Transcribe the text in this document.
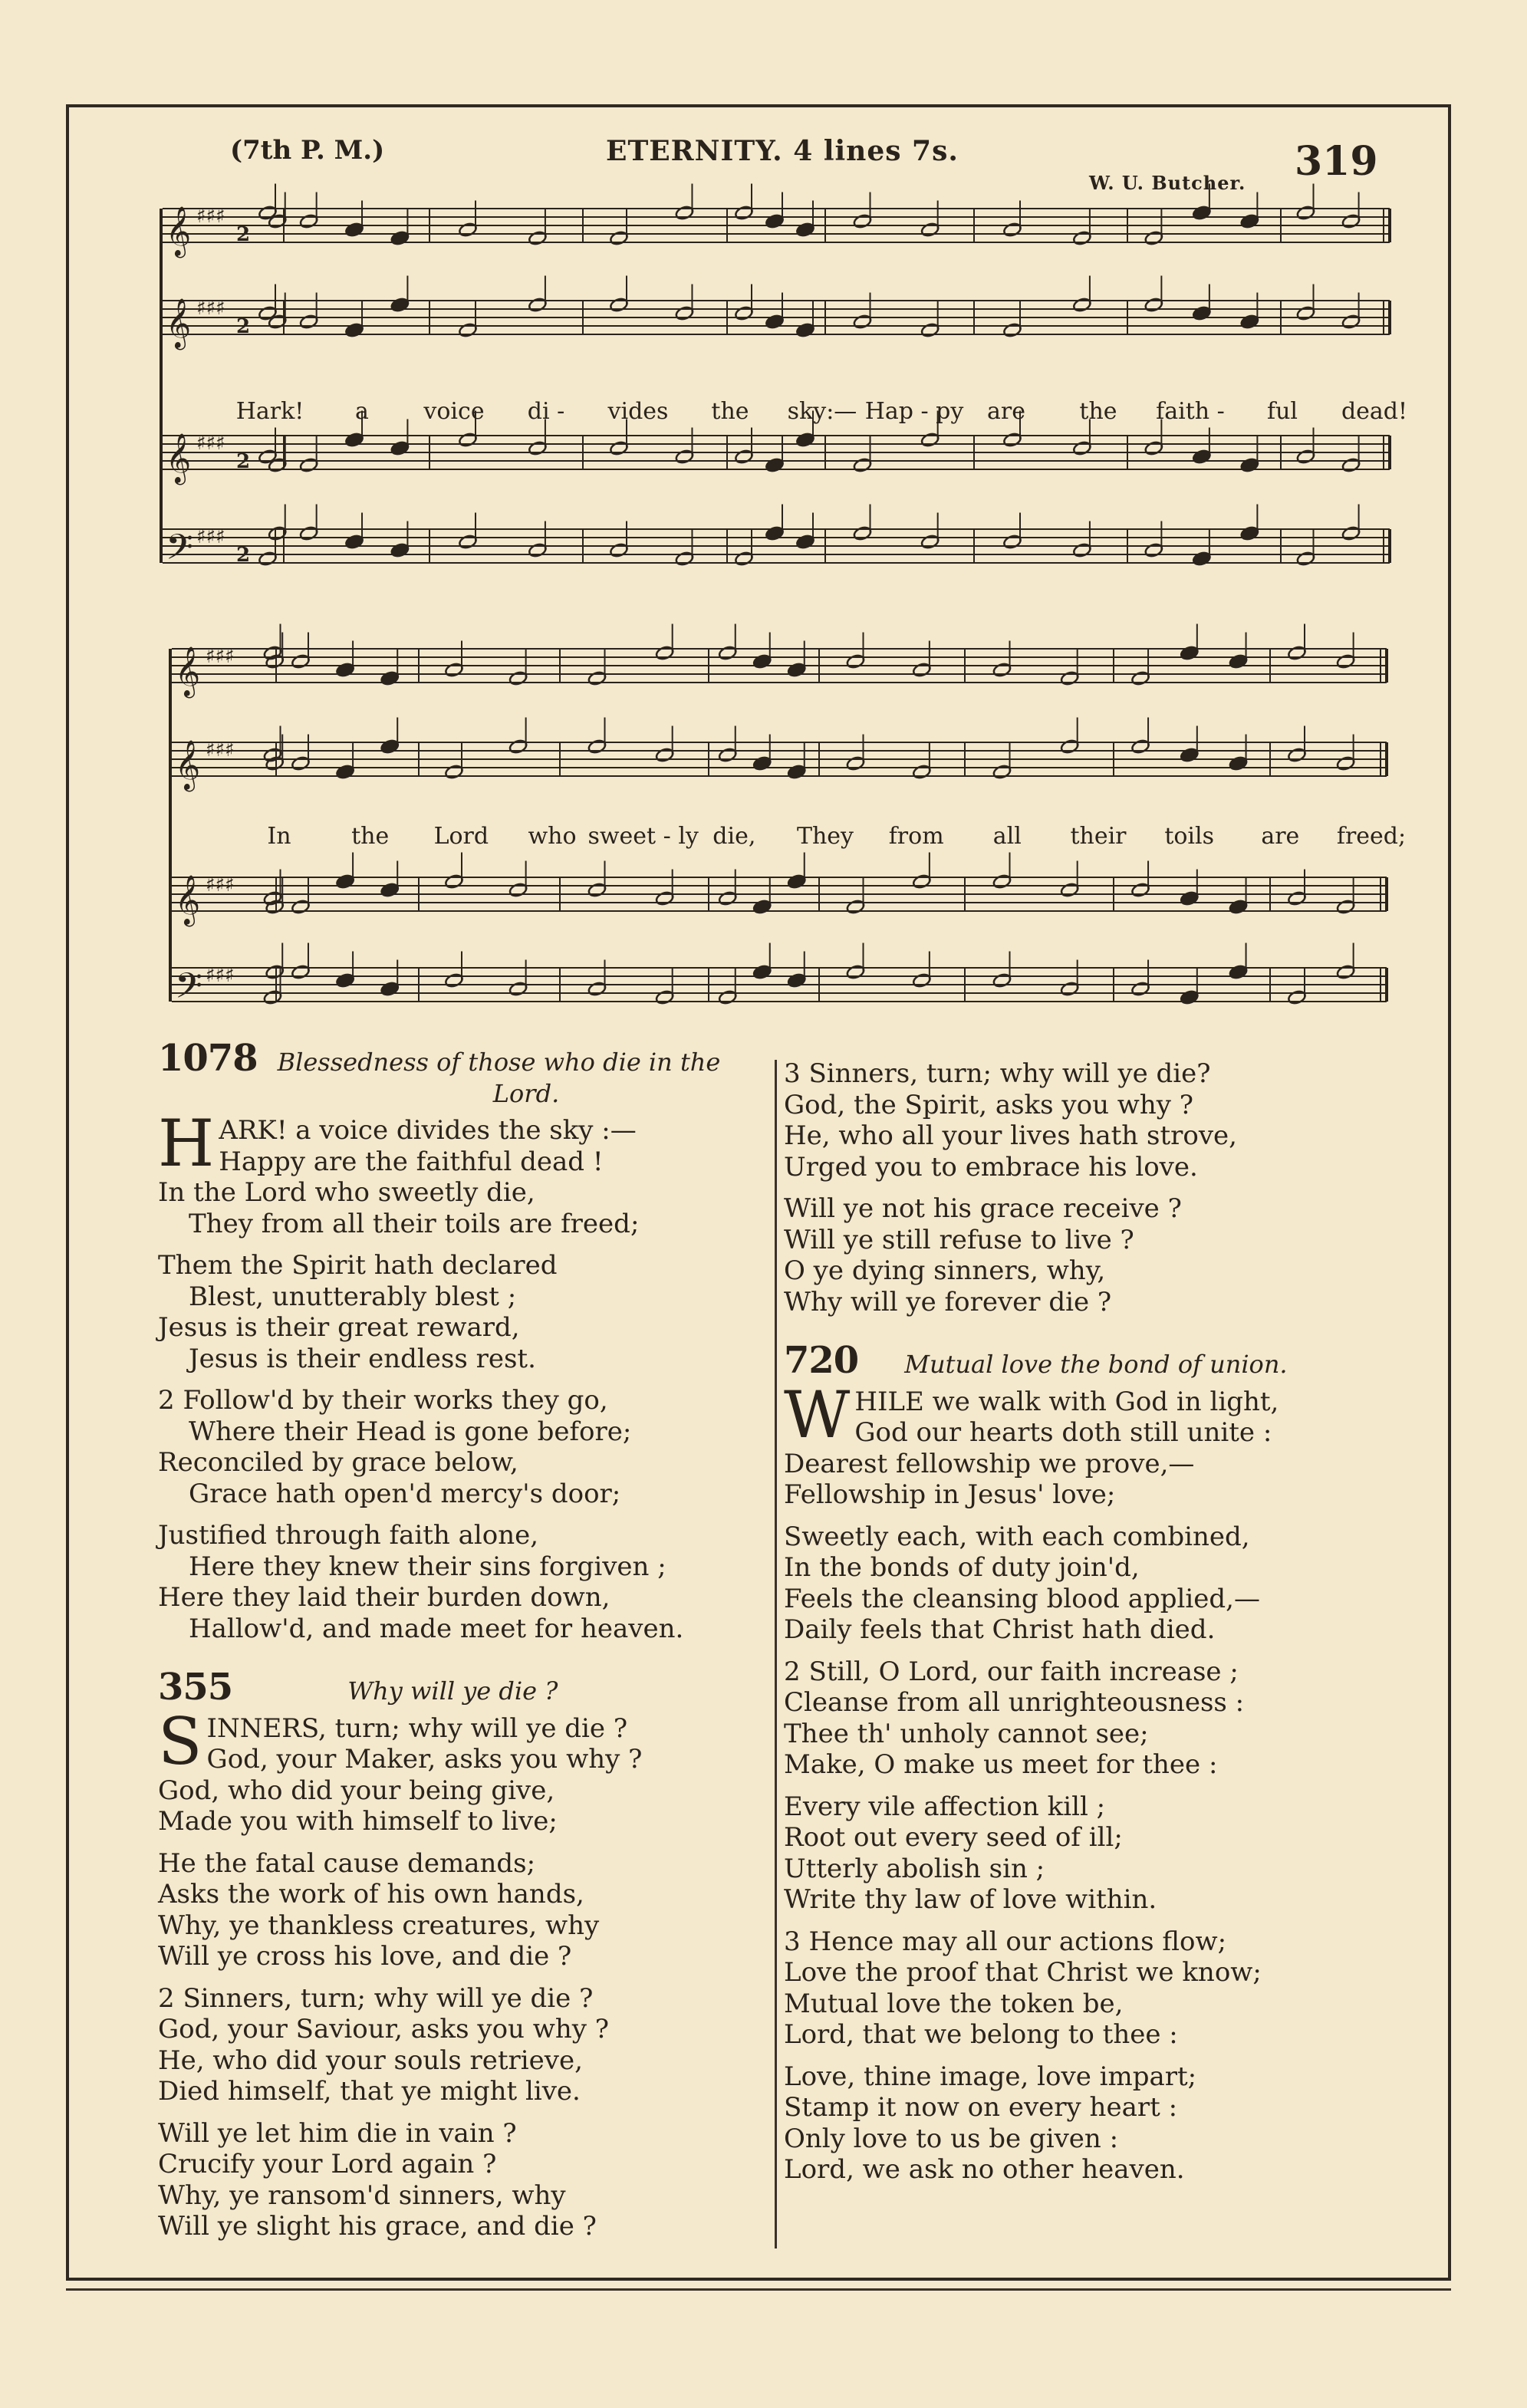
(7th P. M.)	ETERNITY. 4 lines 7s.	319
W. U. Butcher.
𝄞 ♯♯♯
2
𝄞 ♯♯♯
2
𝄞 ♯♯♯
2
𝄢 ♯♯♯
2
𝄞 ♯♯♯
𝄞 ♯♯♯
𝄞 ♯♯♯
𝄢 ♯♯♯
Hark! a voice di - vides the sky:— Hap - py are the faith - ful dead!
In	the Lord who sweet - ly die, They from all their toils are freed;
1078 Blessedness of those who die in the
Lord.
H ARK! a voice divides the sky :—

Happy are the faithful dead !

In the Lord who sweetly die,

They from all their toils are freed;

Them the Spirit hath declared

Blest, unutterably blest ;

Jesus is their great reward,

Jesus is their endless rest.

2 Follow'd by their works they go,

Where their Head is gone before;

Reconciled by grace below,

Grace hath open'd mercy's door;

Justified through faith alone,

Here they knew their sins forgiven ;

Here they laid their burden down,

Hallow'd, and made meet for heaven.

355	Why will ye die ?
S INNERS, turn; why will ye die ?

God, your Maker, asks you why ?

God, who did your being give,

Made you with himself to live;

He the fatal cause demands;

Asks the work of his own hands,

Why, ye thankless creatures, why

Will ye cross his love, and die ?

2 Sinners, turn; why will ye die ?

God, your Saviour, asks you why ?

He, who did your souls retrieve,

Died himself, that ye might live.

Will ye let him die in vain ?

Crucify your Lord again ?

Why, ye ransom'd sinners, why

Will ye slight his grace, and die ?

3 Sinners, turn; why will ye die?

God, the Spirit, asks you why ?

He, who all your lives hath strove,

Urged you to embrace his love.

Will ye not his grace receive ?

Will ye still refuse to live ?

O ye dying sinners, why,

Why will ye forever die ?

720 Mutual love the bond of union.
W HILE we walk with God in light,

God our hearts doth still unite :

Dearest fellowship we prove,—

Fellowship in Jesus' love;

Sweetly each, with each combined,

In the bonds of duty join'd,

Feels the cleansing blood applied,—

Daily feels that Christ hath died.

2 Still, O Lord, our faith increase ;

Cleanse from all unrighteousness :

Thee th' unholy cannot see;

Make, O make us meet for thee :

Every vile affection kill ;

Root out every seed of ill;

Utterly abolish sin ;

Write thy law of love within.

3 Hence may all our actions flow;

Love the proof that Christ we know;

Mutual love the token be,

Lord, that we belong to thee :

Love, thine image, love impart;

Stamp it now on every heart :

Only love to us be given :

Lord, we ask no other heaven.
